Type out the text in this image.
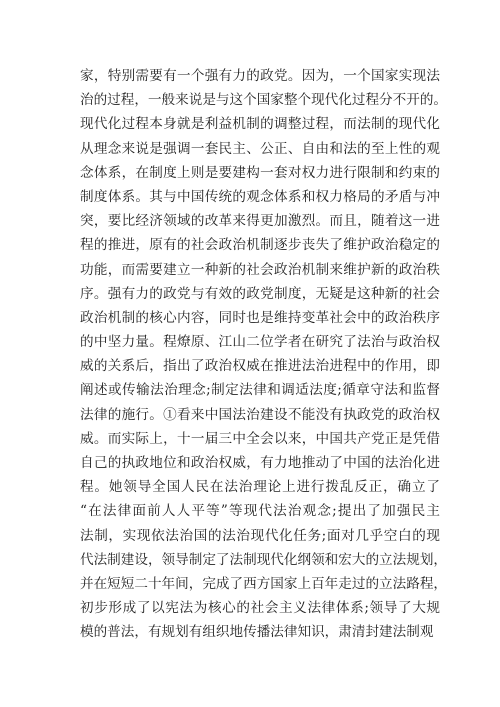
家，特别需要有一个强有力的政党。因为，一个国家实现法
治的过程，一般来说是与这个国家整个现代化过程分不开的。
现代化过程本身就是利益机制的调整过程，而法制的现代化
从理念来说是强调一套民主、公正、自由和法的至上性的观
念体系，在制度上则是要建构一套对权力进行限制和约束的
制度体系。其与中国传统的观念体系和权力格局的矛盾与冲
突，要比经济领域的改革来得更加激烈。而且，随着这一进
程的推进，原有的社会政治机制逐步丧失了维护政治稳定的
功能，而需要建立一种新的社会政治机制来维护新的政治秩
序。强有力的政党与有效的政党制度，无疑是这种新的社会
政治机制的核心内容，同时也是维持变革社会中的政治秩序
的中坚力量。程燎原、江山二位学者在研究了法治与政治权
威的关系后，指出了政治权威在推进法治进程中的作用，即
阐述或传输法治理念;制定法律和调适法度;循章守法和监督
法律的施行。①看来中国法治建设不能没有执政党的政治权
威。而实际上，十一届三中全会以来，中国共产党正是凭借
自己的执政地位和政治权威，有力地推动了中国的法治化进
程。她领导全国人民在法治理论上进行拨乱反正，确立了
“在法律面前人人平等”等现代法治观念;提出了加强民主
法制，实现依法治国的法治现代化任务;面对几乎空白的现
代法制建设，领导制定了法制现代化纲领和宏大的立法规划，
并在短短二十年间，完成了西方国家上百年走过的立法路程，
初步形成了以宪法为核心的社会主义法律体系;领导了大规
模的普法，有规划有组织地传播法律知识，肃清封建法制观
